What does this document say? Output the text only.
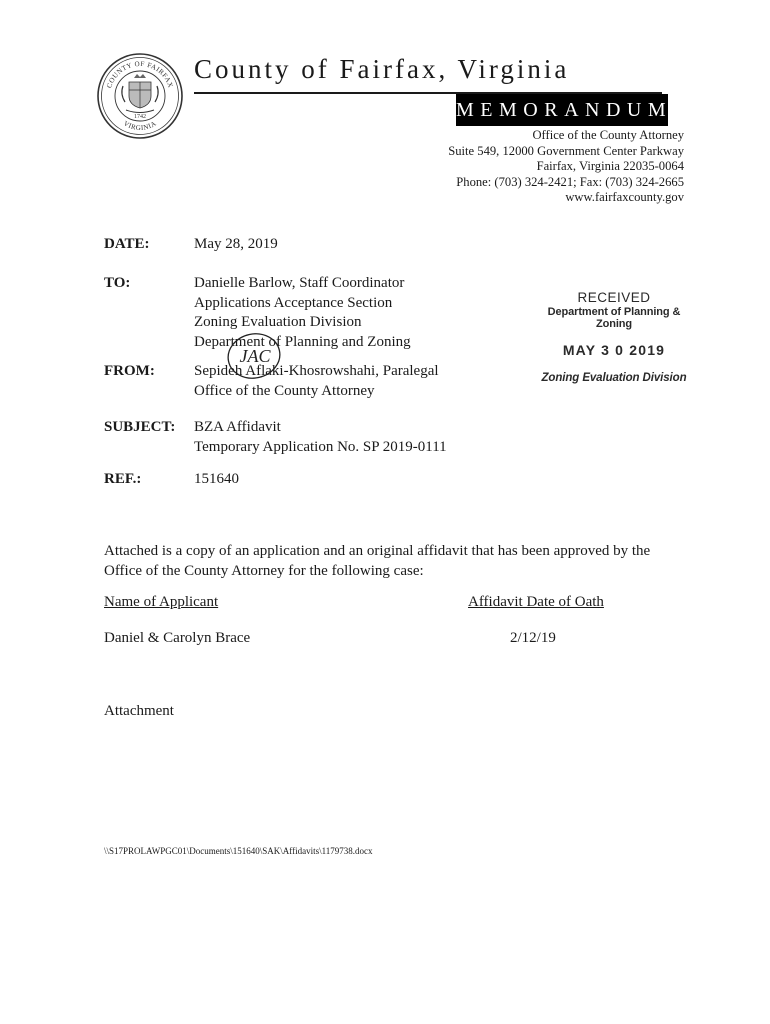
COUNTY OF FAIRFAX
VIRGINIA
1742
County of Fairfax, Virginia
MEMORANDUM
Office of the County Attorney
Suite 549, 12000 Government Center Parkway
Fairfax, Virginia 22035-0064
Phone: (703) 324-2421; Fax: (703) 324-2665
www.fairfaxcounty.gov
DATE:	May 28, 2019
TO:	Danielle Barlow, Staff Coordinator
Applications Acceptance Section
Zoning Evaluation Division
Department of Planning and Zoning
FROM:	Sepideh Aflaki-Khosrowshahi, Paralegal
Office of the County Attorney
JAC
SUBJECT: BZA Affidavit
Temporary Application No. SP 2019-0111
REF.:	151640
RECEIVED
Department of Planning & Zoning
MAY 3 0 2019
Zoning Evaluation Division
Attached is a copy of an application and an original affidavit that has been approved by the Office of the County Attorney for the following case:
Name of Applicant	Affidavit Date of Oath
Daniel & Carolyn Brace	2/12/19
Attachment
\\S17PROLAWPGC01\Documents\151640\SAK\Affidavits\1179738.docx
